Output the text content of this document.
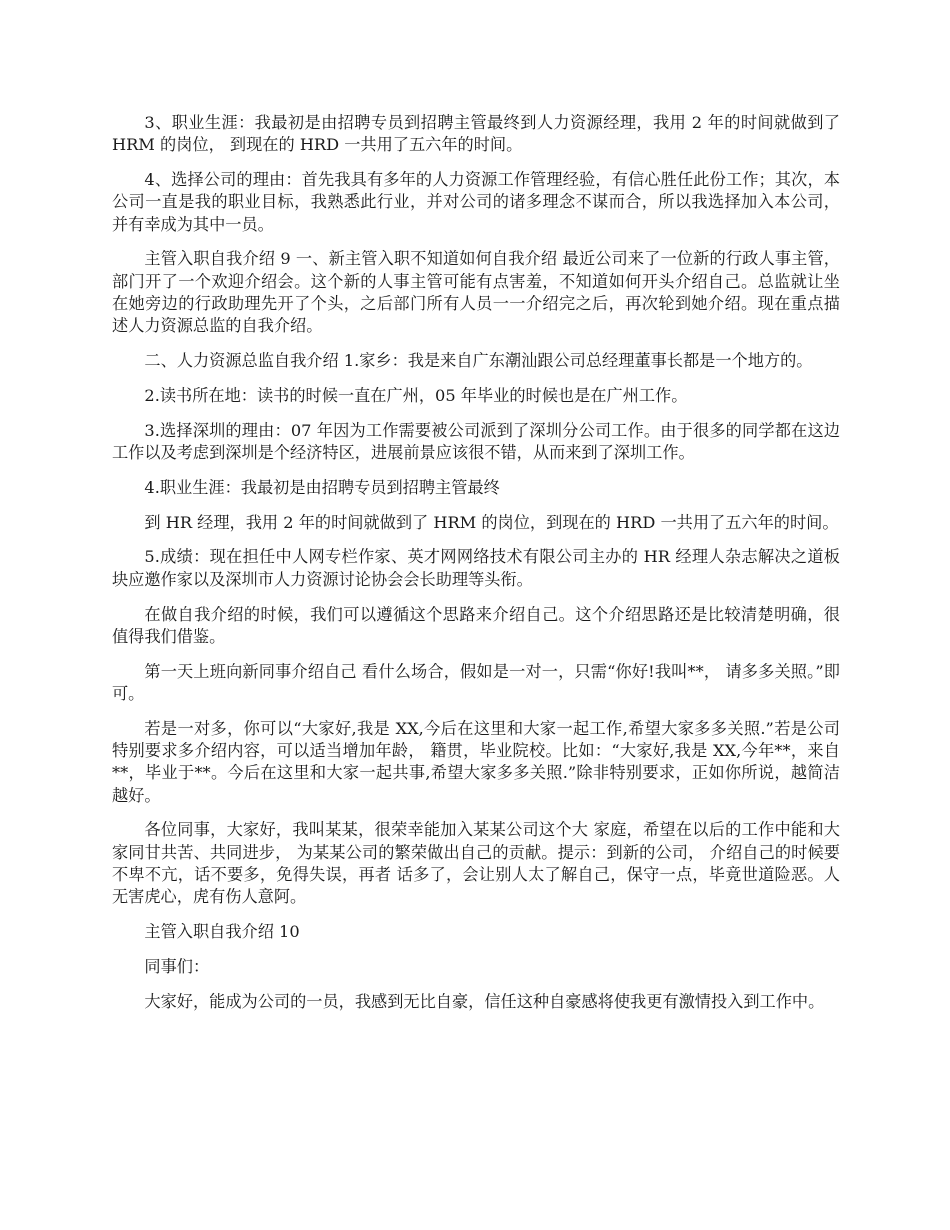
3、职业生涯：我最初是由招聘专员到招聘主管最终到人力资源经理，我用 2 年的时间就做到了 HRM 的岗位， 到现在的 HRD 一共用了五六年的时间。

4、选择公司的理由：首先我具有多年的人力资源工作管理经验，有信心胜任此份工作；其次，本公司一直是我的职业目标，我熟悉此行业，并对公司的诸多理念不谋而合，所以我选择加入本公司，并有幸成为其中一员。

主管入职自我介绍 9 一、新主管入职不知道如何自我介绍 最近公司来了一位新的行政人事主管，部门开了一个欢迎介绍会。这个新的人事主管可能有点害羞，不知道如何开头介绍自己。总监就让坐在她旁边的行政助理先开了个头，之后部门所有人员一一介绍完之后，再次轮到她介绍。现在重点描述人力资源总监的自我介绍。

二、人力资源总监自我介绍 1.家乡：我是来自广东潮汕跟公司总经理董事长都是一个地方的。

2.读书所在地：读书的时候一直在广州，05 年毕业的时候也是在广州工作。

3.选择深圳的理由：07 年因为工作需要被公司派到了深圳分公司工作。由于很多的同学都在这边工作以及考虑到深圳是个经济特区，进展前景应该很不错，从而来到了深圳工作。

4.职业生涯：我最初是由招聘专员到招聘主管最终

到 HR 经理，我用 2 年的时间就做到了 HRM 的岗位，到现在的 HRD 一共用了五六年的时间。

5.成绩：现在担任中人网专栏作家、英才网网络技术有限公司主办的 HR 经理人杂志解决之道板块应邀作家以及深圳市人力资源讨论协会会长助理等头衔。

在做自我介绍的时候，我们可以遵循这个思路来介绍自己。这个介绍思路还是比较清楚明确，很值得我们借鉴。

第一天上班向新同事介绍自己 看什么场合，假如是一对一，只需“你好!我叫**， 请多多关照。”即可。

若是一对多，你可以“大家好,我是 XX,今后在这里和大家一起工作,希望大家多多关照.”若是公司特别要求多介绍内容，可以适当增加年龄， 籍贯，毕业院校。比如：“大家好,我是 XX,今年**，来自 **，毕业于**。今后在这里和大家一起共事,希望大家多多关照.”除非特别要求，正如你所说，越简洁越好。

各位同事，大家好，我叫某某，很荣幸能加入某某公司这个大 家庭，希望在以后的工作中能和大家同甘共苦、共同进步， 为某某公司的繁荣做出自己的贡献。提示：到新的公司， 介绍自己的时候要不卑不亢，话不要多，免得失误，再者 话多了，会让别人太了解自己，保守一点，毕竟世道险恶。人无害虎心，虎有伤人意阿。

主管入职自我介绍 10

同事们：

大家好，能成为公司的一员，我感到无比自豪，信任这种自豪感将使我更有激情投入到工作中。
